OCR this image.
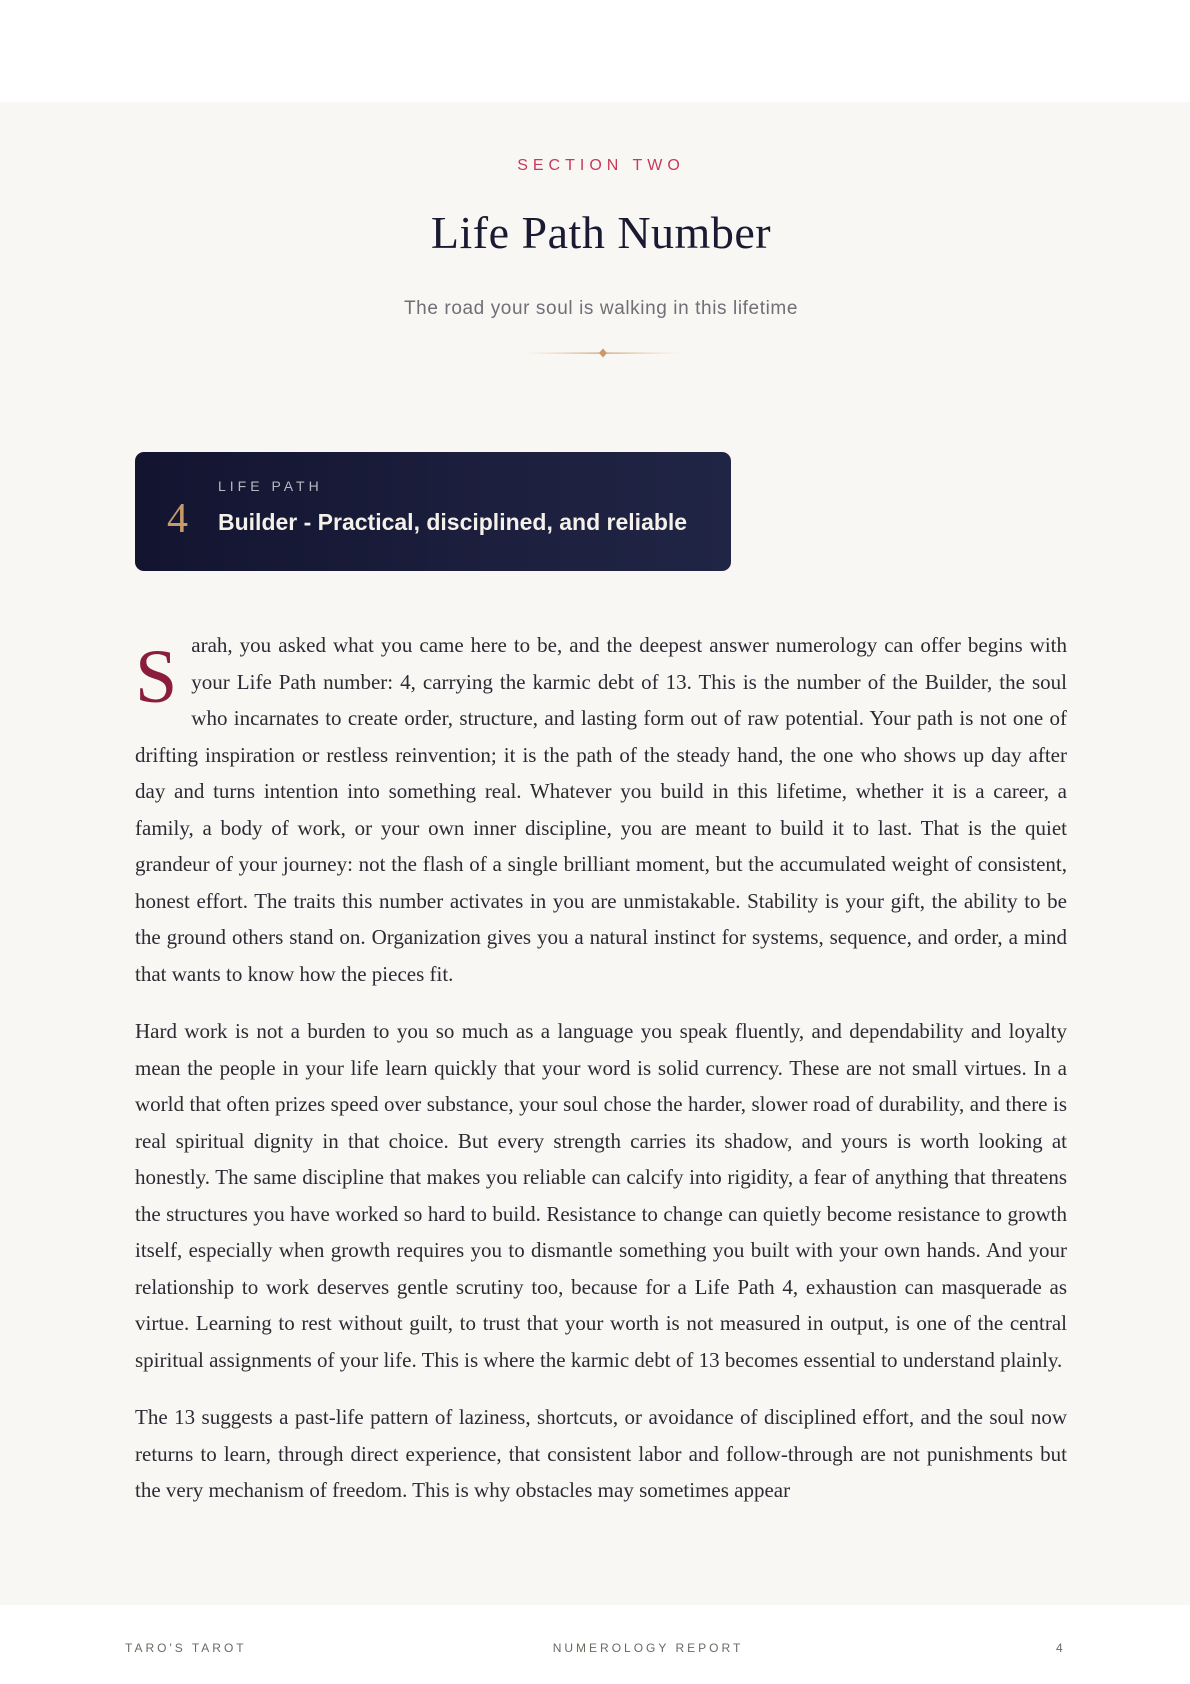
SECTION TWO
Life Path Number
The road your soul is walking in this lifetime
4
LIFE PATH
Builder - Practical, disciplined, and reliable

Sarah, you asked what you came here to be, and the deepest answer numerology can offer begins with your Life Path number: 4, carrying the karmic debt of 13. This is the number of the Builder, the soul who incarnates to create order, structure, and lasting form out of raw potential. Your path is not one of drifting inspiration or restless reinvention; it is the path of the steady hand, the one who shows up day after day and turns intention into something real. Whatever you build in this lifetime, whether it is a career, a family, a body of work, or your own inner discipline, you are meant to build it to last. That is the quiet grandeur of your journey: not the flash of a single brilliant moment, but the accumulated weight of consistent, honest effort. The traits this number activates in you are unmistakable. Stability is your gift, the ability to be the ground others stand on. Organization gives you a natural instinct for systems, sequence, and order, a mind that wants to know how the pieces fit.

Hard work is not a burden to you so much as a language you speak fluently, and dependability and loyalty mean the people in your life learn quickly that your word is solid currency. These are not small virtues. In a world that often prizes speed over substance, your soul chose the harder, slower road of durability, and there is real spiritual dignity in that choice. But every strength carries its shadow, and yours is worth looking at honestly. The same discipline that makes you reliable can calcify into rigidity, a fear of anything that threatens the structures you have worked so hard to build. Resistance to change can quietly become resistance to growth itself, especially when growth requires you to dismantle something you built with your own hands. And your relationship to work deserves gentle scrutiny too, because for a Life Path 4, exhaustion can masquerade as virtue. Learning to rest without guilt, to trust that your worth is not measured in output, is one of the central spiritual assignments of your life. This is where the karmic debt of 13 becomes essential to understand plainly.

The 13 suggests a past-life pattern of laziness, shortcuts, or avoidance of disciplined effort, and the soul now returns to learn, through direct experience, that consistent labor and follow-through are not punishments but the very mechanism of freedom. This is why obstacles may sometimes appear

TARO'S TAROT	NUMEROLOGY REPORT	4
